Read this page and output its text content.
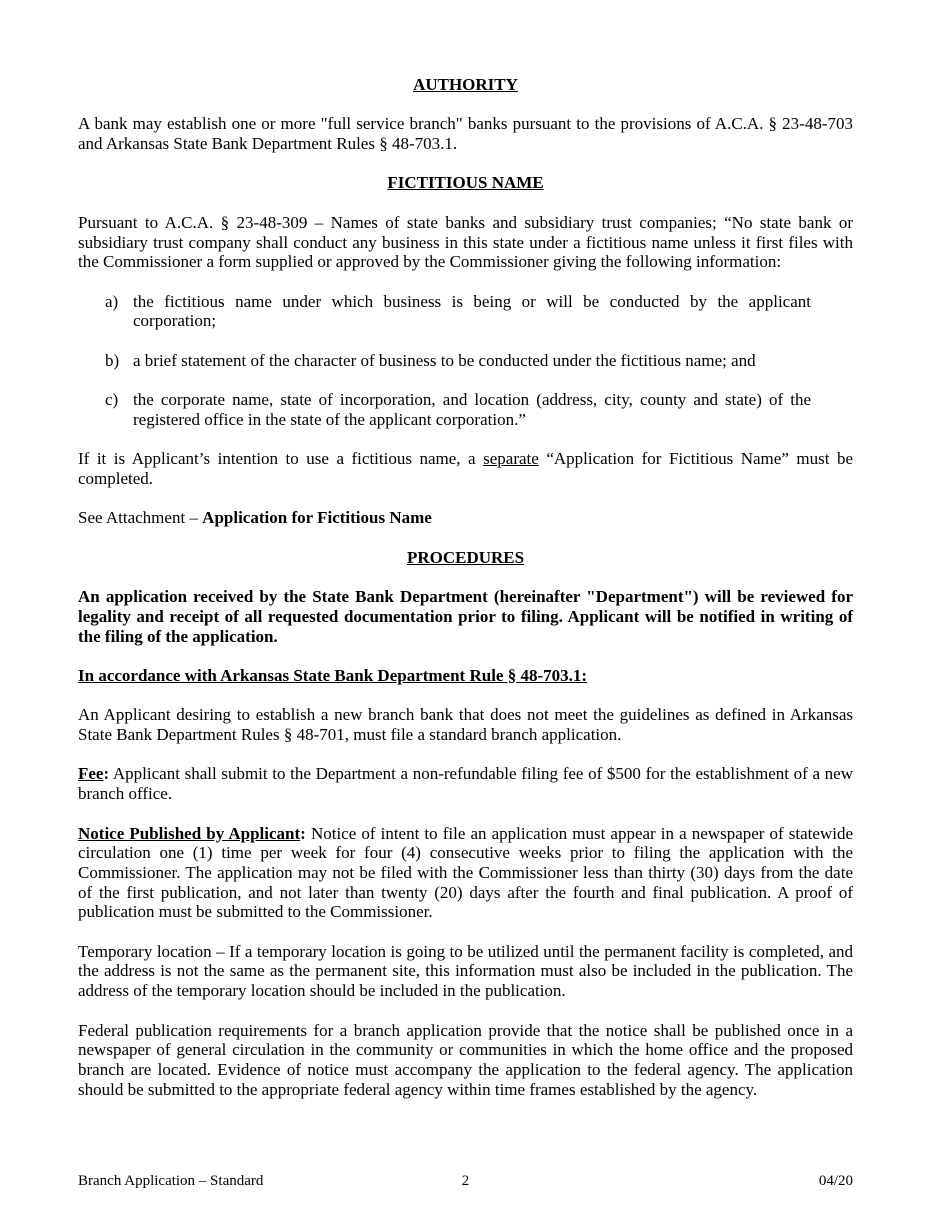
AUTHORITY

A bank may establish one or more "full service branch" banks pursuant to the provisions of A.C.A. § 23-48-703 and Arkansas State Bank Department Rules § 48-703.1.

FICTITIOUS NAME

Pursuant to A.C.A. § 23-48-309 – Names of state banks and subsidiary trust companies; “No state bank or subsidiary trust company shall conduct any business in this state under a fictitious name unless it first files with the Commissioner a form supplied or approved by the Commissioner giving the following information:

a) the fictitious name under which business is being or will be conducted by the applicant corporation;
b) a brief statement of the character of business to be conducted under the fictitious name; and
c) the corporate name, state of incorporation, and location (address, city, county and state) of the registered office in the state of the applicant corporation.”

If it is Applicant’s intention to use a fictitious name, a separate “Application for Fictitious Name” must be completed.

See Attachment – Application for Fictitious Name

PROCEDURES

An application received by the State Bank Department (hereinafter "Department") will be reviewed for legality and receipt of all requested documentation prior to filing. Applicant will be notified in writing of the filing of the application.

In accordance with Arkansas State Bank Department Rule § 48-703.1:

An Applicant desiring to establish a new branch bank that does not meet the guidelines as defined in Arkansas State Bank Department Rules § 48-701, must file a standard branch application.

Fee: Applicant shall submit to the Department a non-refundable filing fee of $500 for the establishment of a new branch office.

Notice Published by Applicant: Notice of intent to file an application must appear in a newspaper of statewide circulation one (1) time per week for four (4) consecutive weeks prior to filing the application with the Commissioner. The application may not be filed with the Commissioner less than thirty (30) days from the date of the first publication, and not later than twenty (20) days after the fourth and final publication. A proof of publication must be submitted to the Commissioner.

Temporary location – If a temporary location is going to be utilized until the permanent facility is completed, and the address is not the same as the permanent site, this information must also be included in the publication. The address of the temporary location should be included in the publication.

Federal publication requirements for a branch application provide that the notice shall be published once in a newspaper of general circulation in the community or communities in which the home office and the proposed branch are located. Evidence of notice must accompany the application to the federal agency. The application should be submitted to the appropriate federal agency within time frames established by the agency.

Branch Application – Standard	2	04/20
